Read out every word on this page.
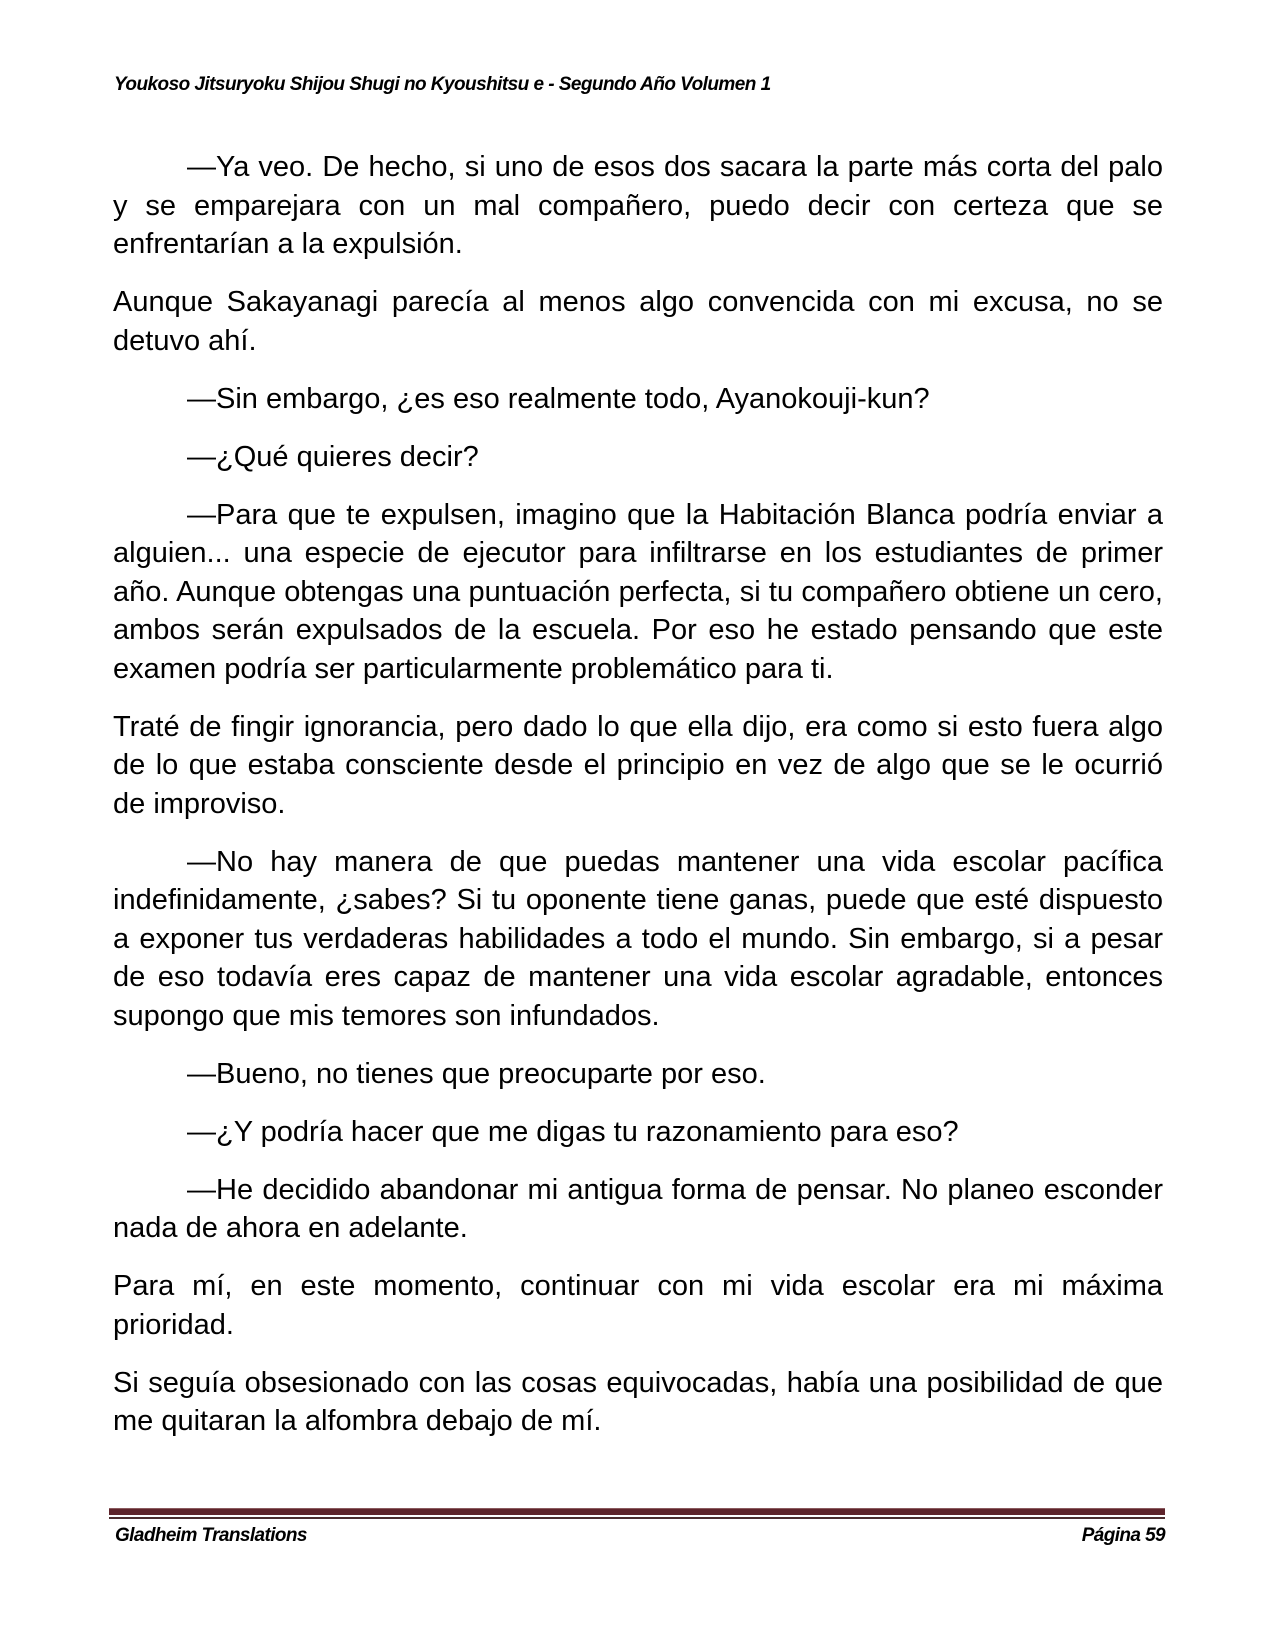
Youkoso Jitsuryoku Shijou Shugi no Kyoushitsu e - Segundo Año Volumen 1

—Ya veo. De hecho, si uno de esos dos sacara la parte más corta del palo y se emparejara con un mal compañero, puedo decir con certeza que se enfrentarían a la expulsión.

Aunque Sakayanagi parecía al menos algo convencida con mi excusa, no se detuvo ahí.

—Sin embargo, ¿es eso realmente todo, Ayanokouji-kun?

—¿Qué quieres decir?

—Para que te expulsen, imagino que la Habitación Blanca podría enviar a alguien... una especie de ejecutor para infiltrarse en los estudiantes de primer año. Aunque obtengas una puntuación perfecta, si tu compañero obtiene un cero, ambos serán expulsados de la escuela. Por eso he estado pensando que este examen podría ser particularmente problemático para ti.

Traté de fingir ignorancia, pero dado lo que ella dijo, era como si esto fuera algo de lo que estaba consciente desde el principio en vez de algo que se le ocurrió de improviso.

—No hay manera de que puedas mantener una vida escolar pacífica indefinidamente, ¿sabes? Si tu oponente tiene ganas, puede que esté dispuesto a exponer tus verdaderas habilidades a todo el mundo. Sin embargo, si a pesar de eso todavía eres capaz de mantener una vida escolar agradable, entonces supongo que mis temores son infundados.

—Bueno, no tienes que preocuparte por eso.

—¿Y podría hacer que me digas tu razonamiento para eso?

—He decidido abandonar mi antigua forma de pensar. No planeo esconder nada de ahora en adelante.

Para mí, en este momento, continuar con mi vida escolar era mi máxima prioridad.

Si seguía obsesionado con las cosas equivocadas, había una posibilidad de que me quitaran la alfombra debajo de mí.

Gladheim Translations	Página 59
